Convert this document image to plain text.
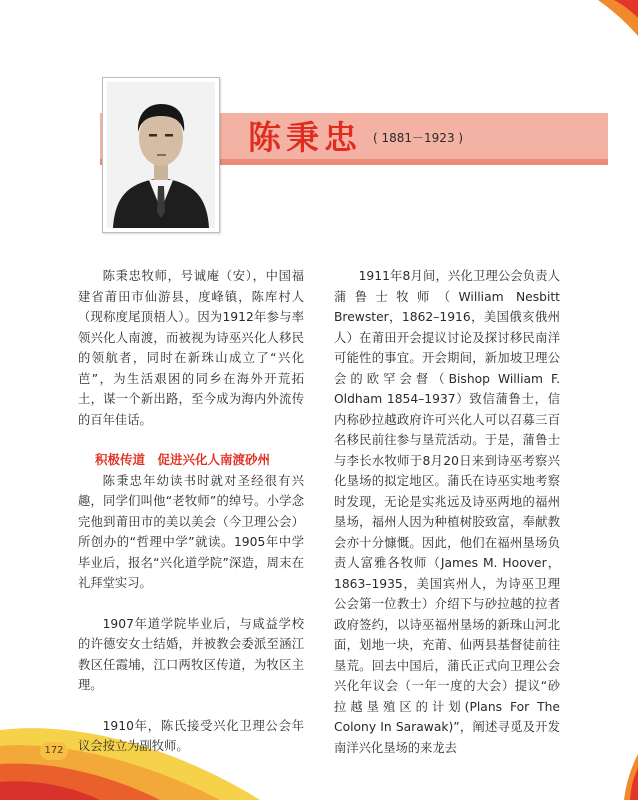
陈秉忠 ( 1881－1923 )

陈秉忠牧师，号诚庵（安），中国福建省莆田市仙游县，度峰镇，陈库村人（现称度尾顶梧人）。因为1912年参与率领兴化人南渡，而被视为诗巫兴化人移民的领航者，同时在新珠山成立了“兴化芭”，为生活艰困的同乡在海外开荒拓土，谋一个新出路，至今成为海内外流传的百年佳话。

积极传道　促进兴化人南渡砂州

陈秉忠年幼读书时就对圣经很有兴趣，同学们叫他“老牧师”的绰号。小学念完他到莆田市的美以美会（今卫理公会）所创办的“哲理中学”就读。1905年中学毕业后，报名“兴化道学院”深造，周末在礼拜堂实习。

1907年道学院毕业后，与咸益学校的许德安女士结婚，并被教会委派至涵江教区任霞埔，江口两牧区传道，为牧区主理。

1910年，陈氏接受兴化卫理公会年议会按立为副牧师。

1911年8月间，兴化卫理公会负责人蒲鲁士牧师（William Nesbitt Brewster，1862–1916，美国俄亥俄州人）在莆田开会提议讨论及探讨移民南洋可能性的事宜。开会期间，新加坡卫理公会的欧罕会督（Bishop William F. Oldham 1854–1937）致信蒲鲁士，信内称砂拉越政府许可兴化人可以召募三百名移民前往参与垦荒活动。于是，蒲鲁士与李长水牧师于8月20日来到诗巫考察兴化垦场的拟定地区。蒲氏在诗巫实地考察时发现，无论是实兆远及诗巫两地的福州垦场，福州人因为种植树胶致富，奉献教会亦十分慷慨。因此，他们在福州垦场负责人富雅各牧师（James M. Hoover，1863–1935，美国宾州人，为诗巫卫理公会第一位教士）介绍下与砂拉越的拉者政府签约，以诗巫福州垦场的新珠山河北面，划地一块，充莆、仙两县基督徒前往垦荒。回去中国后，蒲氏正式向卫理公会兴化年议会（一年一度的大会）提议“砂拉越垦殖区的计划(Plans For The Colony In Sarawak)”，阐述寻觅及开发南洋兴化垦场的来龙去

172
